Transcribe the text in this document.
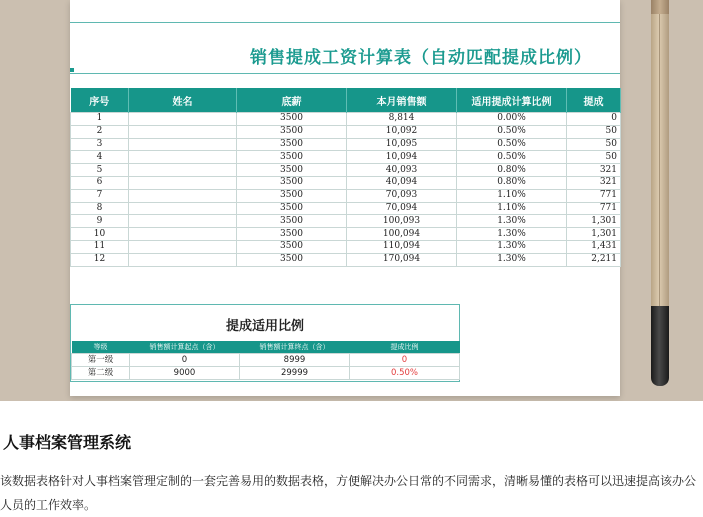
销售提成工资计算表（自动匹配提成比例）
序号	姓名	底薪	本月销售额	适用提成计算比例	提成
1		3500	8,814	0.00%	0
2		3500	10,092	0.50%	50
3		3500	10,095	0.50%	50
4		3500	10,094	0.50%	50
5		3500	40,093	0.80%	321
6		3500	40,094	0.80%	321
7		3500	70,093	1.10%	771
8		3500	70,094	1.10%	771
9		3500	100,093	1.30%	1,301
10		3500	100,094	1.30%	1,301
11		3500	110,094	1.30%	1,431
12		3500	170,094	1.30%	2,211
提成适用比例
等级	销售额计算起点（含）	销售额计算终点（含）	提成比例
第一级	0	8999	0
第二级	9000	29999	0.50%
人事档案管理系统
该数据表格针对人事档案管理定制的一套完善易用的数据表格，方便解决办公日常的不同需求，清晰易懂的表格可以迅速提高该办公人员的工作效率。
